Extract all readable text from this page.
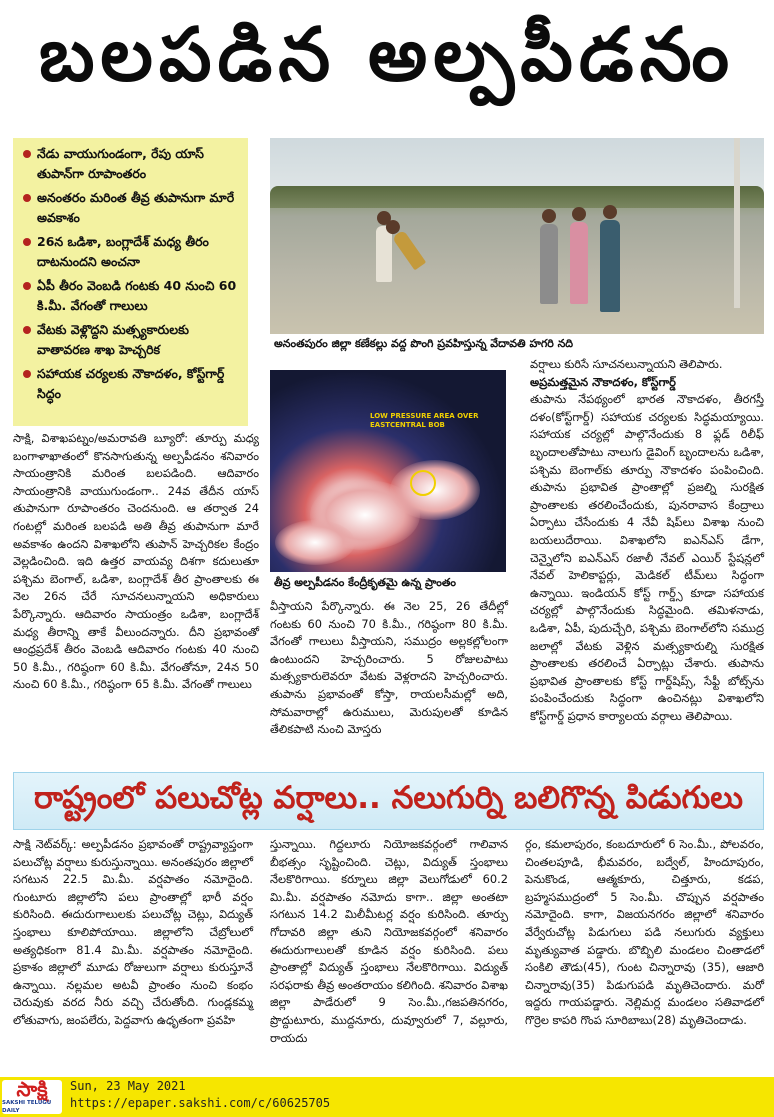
బలపడిన అల్పపీడనం
నేడు వాయుగుండంగా, రేపు యాస్‌ తుపాన్‌గా రూపాంతరం
అనంతరం మరింత తీవ్ర తుపానుగా మారే అవకాశం
26న ఒడిశా, బంగ్లాదేశ్‌ మధ్య తీరం దాటనుందని అంచనా
ఏపీ తీరం వెంబడి గంటకు 40 నుంచి 60 కి.మీ. వేగంతో గాలులు
వేటకు వెళ్లొద్దని మత్స్యకారులకు వాతావరణ శాఖ హెచ్చరిక
సహాయక చర్యలకు నౌకాదళం, కోస్ట్‌గార్డ్‌ సిద్ధం
అనంతపురం జిల్లా కణేకల్లు వద్ద పొంగి ప్రవహిస్తున్న వేదావతి హగరి నది
LOW PRESSURE AREA OVER EASTCENTRAL BOB
తీవ్ర అల్పపీడనం కేంద్రీకృతమై ఉన్న ప్రాంతం

సాక్షి, విశాఖపట్నం/అమరావతి బ్యూరో: తూర్పు మధ్య బంగాళాఖాతంలో కొనసాగుతున్న అల్పపీడనం శనివారం సాయంత్రానికి మరింత బలపడింది. ఆదివారం సాయంత్రానికి వాయుగుండంగా.. 24వ తేదీన యాస్‌ తుపానుగా రూపాంతరం చెందనుంది. ఆ తర్వాత 24 గంటల్లో మరింత బలపడి అతి తీవ్ర తుపానుగా మారే అవకాశం ఉందని విశాఖలోని తుపాన్‌ హెచ్చరికల కేంద్రం వెల్లడించింది. ఇది ఉత్తర వాయవ్య దిశగా కదులుతూ పశ్చిమ బెంగాల్‌, ఒడిశా, బంగ్లాదేశ్‌ తీర ప్రాంతాలకు ఈ నెల 26న చేరే సూచనలున్నాయని అధికారులు పేర్కొన్నారు. ఆదివారం సాయంత్రం ఒడిశా, బంగ్లాదేశ్‌ మధ్య తీరాన్ని తాకే వీలుందన్నారు. దీని ప్రభావంతో ఆంధ్రప్రదేశ్‌ తీరం వెంబడి ఆదివారం గంటకు 40 నుంచి 50 కి.మీ., గరిష్ఠంగా 60 కి.మీ. వేగంతోనూ, 24న 50 నుంచి 60 కి.మీ., గరిష్ఠంగా 65 కి.మీ. వేగంతో గాలులు

వీస్తాయని పేర్కొన్నారు. ఈ నెల 25, 26 తేదీల్లో గంటకు 60 నుంచి 70 కి.మీ., గరిష్ఠంగా 80 కి.మీ. వేగంతో గాలులు వీస్తాయని, సముద్రం అల్లకల్లోలంగా ఉంటుందని హెచ్చరించారు. 5 రోజులపాటు మత్స్యకారులెవరూ వేటకు వెళ్లరాదని హెచ్చరించారు. తుపాను ప్రభావంతో కోస్తా, రాయలసీమల్లో అది, సోమవారాల్లో ఉరుములు, మెరుపులతో కూడిన తేలికపాటి నుంచి మోస్తరు

వర్షాలు కురిసే సూచనలున్నాయని తెలిపారు.

అప్రమత్తమైన నౌకాదళం, కోస్ట్‌గార్డ్‌

తుపాను నేపథ్యంలో భారత నౌకాదళం, తీరగస్తీ దళం(కోస్ట్‌గార్డ్‌) సహాయక చర్యలకు సిద్ధమయ్యాయి. సహాయక చర్యల్లో పాల్గొనేందుకు 8 ఫ్లడ్‌ రిలీఫ్‌ బృందాలతోపాటు నాలుగు డైవింగ్‌ బృందాలను ఒడిశా, పశ్చిమ బెంగాల్‌కు తూర్పు నౌకాదళం పంపించింది. తుపాను ప్రభావిత ప్రాంతాల్లో ప్రజల్ని సురక్షిత ప్రాంతాలకు తరలించేందుకు, పునరావాస కేంద్రాలు ఏర్పాటు చేసేందుకు 4 నేవీ షిప్‌లు విశాఖ నుంచి బయలుదేరాయి. విశాఖలోని ఐఎన్‌ఎస్‌ డేగా, చెన్నైలోని ఐఎన్‌ఎస్‌ రజాలీ నేవల్‌ ఎయిర్‌ స్టేషన్లలో నేవల్‌ హెలికాప్టర్లు, మెడికల్‌ టీమ్‌లు సిద్ధంగా ఉన్నాయి. ఇండియన్‌ కోస్ట్‌ గార్డ్స్‌ కూడా సహాయక చర్యల్లో పాల్గొనేందుకు సిద్ధమైంది. తమిళనాడు, ఒడిశా, ఏపీ, పుదుచ్చేరి, పశ్చిమ బెంగాల్‌లోని సముద్ర జలాల్లో వేటకు వెళ్లిన మత్స్యకారుల్ని సురక్షిత ప్రాంతాలకు తరలించే ఏర్పాట్లు చేశారు. తుపాను ప్రభావిత ప్రాంతాలకు కోస్ట్‌ గార్డ్‌షిప్స్‌, సేఫ్టీ బోట్స్‌ను పంపించేందుకు సిద్ధంగా ఉంచినట్లు విశాఖలోని కోస్ట్‌గార్డ్‌ ప్రధాన కార్యాలయ వర్గాలు తెలిపాయి.

రాష్ట్రంలో పలుచోట్ల వర్షాలు.. నలుగుర్ని బలిగొన్న పిడుగులు

సాక్షి నెట్‌వర్క్‌: అల్పపీడనం ప్రభావంతో రాష్ట్రవ్యాప్తంగా పలుచోట్ల వర్షాలు కురుస్తున్నాయి. అనంతపురం జిల్లాలో సగటున 22.5 మి.మీ. వర్షపాతం నమోదైంది. గుంటూరు జిల్లాలోని పలు ప్రాంతాల్లో భారీ వర్షం కురిసింది. ఈదురుగాలులకు పలుచోట్ల చెట్లు, విద్యుత్‌ స్తంభాలు కూలిపోయాయి. జిల్లాలోని చేబ్రోలులో అత్యధికంగా 81.4 మి.మీ. వర్షపాతం నమోదైంది. ప్రకాశం జిల్లాలో మూడు రోజులుగా వర్షాలు కురుస్తూనే ఉన్నాయి. నల్లమల అటవీ ప్రాంతం నుంచి కంభం చెరువుకు వరద నీరు వచ్చి చేరుతోంది. గుండ్లకమ్మ లోతువాగు, జంపలేరు, పెద్దవాగు ఉధృతంగా ప్రవహి

స్తున్నాయి. గిద్దలూరు నియోజకవర్గంలో గాలివాన బీభత్సం సృష్టించింది. చెట్లు, విద్యుత్‌ స్తంభాలు నేలకొరిగాయి. కర్నూలు జిల్లా వెలుగోడులో 60.2 మి.మీ. వర్షపాతం నమోదు కాగా.. జిల్లా అంతటా సగటున 14.2 మిలీమీటర్ల వర్షం కురిసింది. తూర్పు గోదావరి జిల్లా తుని నియోజకవర్గంలో శనివారం ఈదురుగాలులతో కూడిన వర్షం కురిసింది. పలు ప్రాంతాల్లో విద్యుత్‌ స్తంభాలు నేలకొరిగాయి. విద్యుత్‌ సరఫరాకు తీవ్ర అంతరాయం కలిగింది. శనివారం విశాఖ జిల్లా పాడేరులో 9 సెం.మీ.,గజపతినగరం, ప్రొద్దుటూరు, ముద్దనూరు, దువ్వూరులో 7, వల్లూరు, రాయదు

ర్గం, కమలాపురం, కంబదూరులో 6 సెం.మీ., పోలవరం, చింతలపూడి, భీమవరం, బద్వేల్‌, హిందూపురం, పెనుకొండ, ఆత్మకూరు, చిత్తూరు, కడప, బ్రహ్మసముద్రంలో 5 సెం.మీ. చొప్పున వర్షపాతం నమోదైంది. కాగా, విజయనగరం జిల్లాలో శనివారం వేర్వేరుచోట్ల పిడుగులు పడి నలుగురు వ్యక్తులు మృత్యువాత పడ్డారు. బొబ్బిలి మండలం చింతాడలో సంకిలి తౌడు(45), గుంట చిన్నారావు (35), ఆజారి చిన్నారావు(35) పిడుగుపడి మృతిచెందారు. మరో ఇద్దరు గాయపడ్డారు. నెల్లిమర్ల మండలం సతివాడలో గొర్రెల కాపరి గొంప సూరిబాబు(28) మృతిచెందాడు.

సాక్షి
SAKSHI TELUGU DAILY
Sun, 23 May 2021
https://epaper.sakshi.com/c/60625705
